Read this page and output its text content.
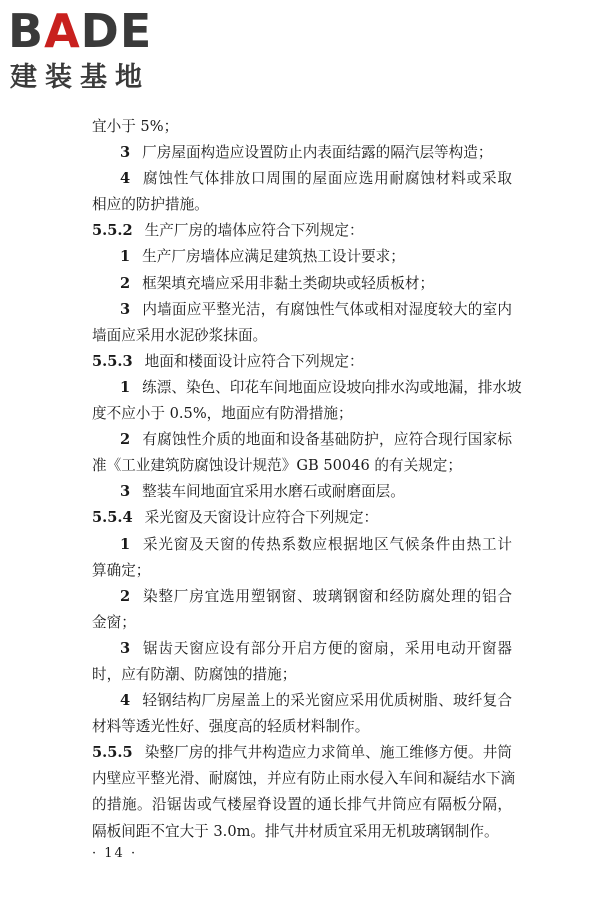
BADE
建装基地
宜小于 5%；
3 厂房屋面构造应设置防止内表面结露的隔汽层等构造；
4 腐蚀性气体排放口周围的屋面应选用耐腐蚀材料或采取
相应的防护措施。
5.5.2 生产厂房的墙体应符合下列规定：
1 生产厂房墙体应满足建筑热工设计要求；
2 框架填充墙应采用非黏土类砌块或轻质板材；
3 内墙面应平整光洁，有腐蚀性气体或相对湿度较大的室内
墙面应采用水泥砂浆抹面。
5.5.3 地面和楼面设计应符合下列规定：
1 练漂、染色、印花车间地面应设坡向排水沟或地漏，排水坡
度不应小于 0.5%，地面应有防滑措施；
2 有腐蚀性介质的地面和设备基础防护，应符合现行国家标
准《工业建筑防腐蚀设计规范》GB 50046 的有关规定；
3 整装车间地面宜采用水磨石或耐磨面层。
5.5.4 采光窗及天窗设计应符合下列规定：
1 采光窗及天窗的传热系数应根据地区气候条件由热工计
算确定；
2 染整厂房宜选用塑钢窗、玻璃钢窗和经防腐处理的铝合
金窗；
3 锯齿天窗应设有部分开启方便的窗扇，采用电动开窗器
时，应有防潮、防腐蚀的措施；
4 轻钢结构厂房屋盖上的采光窗应采用优质树脂、玻纤复合
材料等透光性好、强度高的轻质材料制作。
5.5.5 染整厂房的排气井构造应力求简单、施工维修方便。井筒
内壁应平整光滑、耐腐蚀，并应有防止雨水侵入车间和凝结水下滴
的措施。沿锯齿或气楼屋脊设置的通长排气井筒应有隔板分隔，
隔板间距不宜大于 3.0m。排气井材质宜采用无机玻璃钢制作。
· 14 ·
